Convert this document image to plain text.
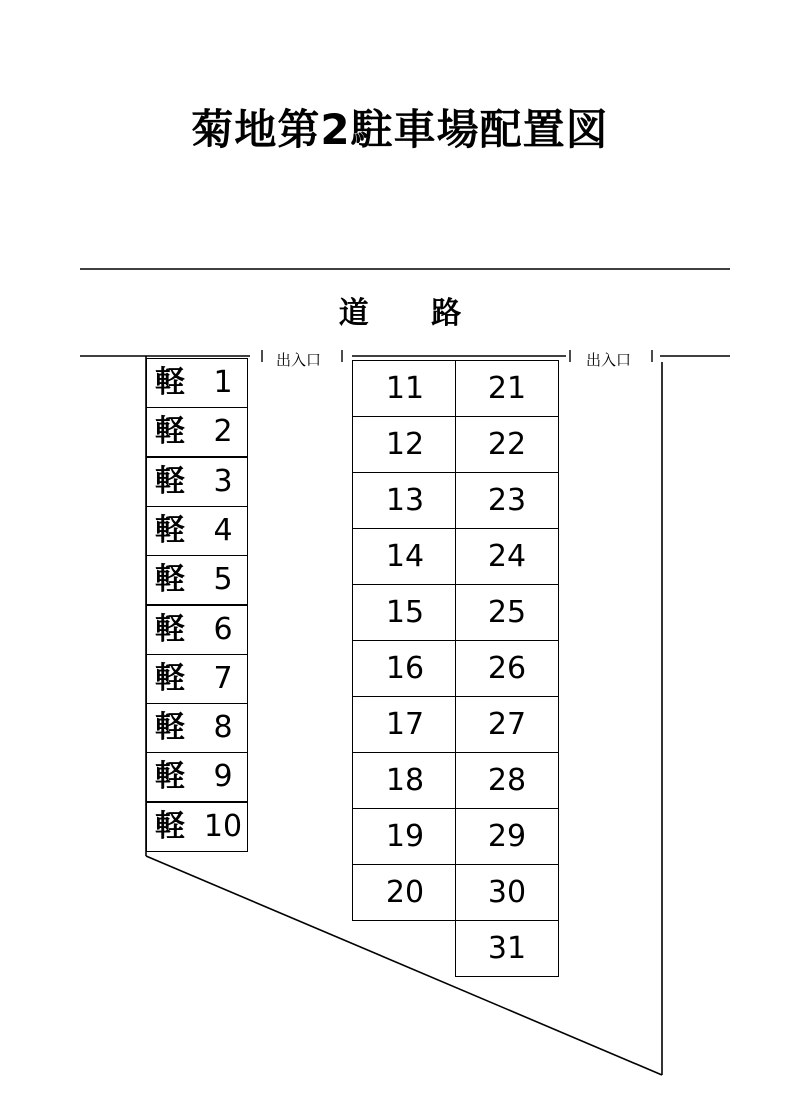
菊地第2駐車場配置図
道 路
出入口	出入口
軽 1
軽 2
軽 3
軽 4
軽 5
軽 6
軽 7
軽 8
軽 9
軽 10
11
12
13
14
15
16
17
18
19
20
21
22
23
24
25
26
27
28
29
30
31
